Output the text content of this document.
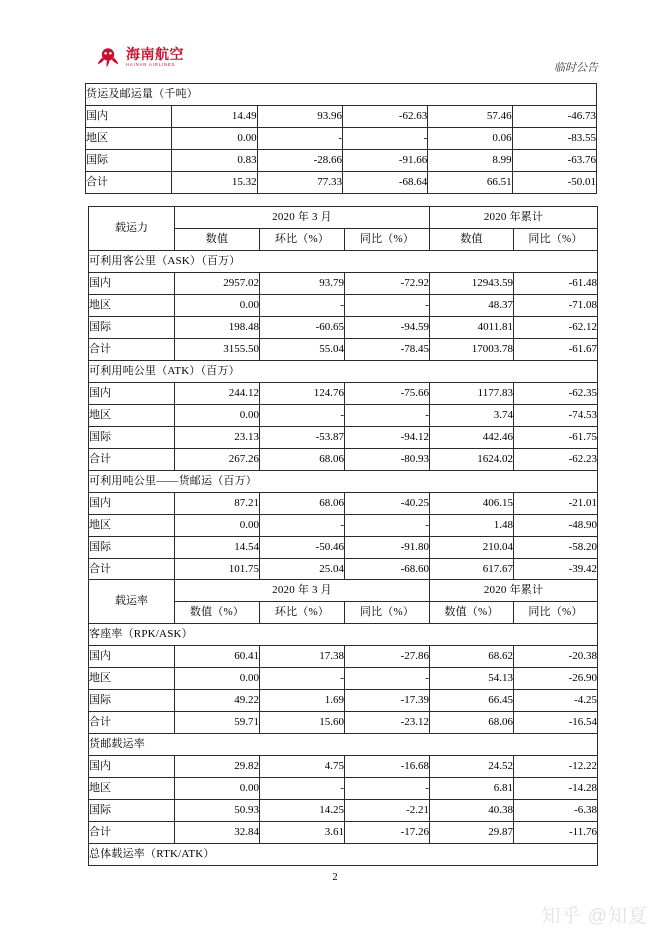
海南航空
HAINAN AIRLINES	临时公告
货运及邮运量（千吨）					
国内	14.49	93.96	-62.63	57.46	-46.73
地区	0.00	-	-	0.06	-83.55
国际	0.83	-28.66	-91.66	8.99	-63.76
合计	15.32	77.33	-68.64	66.51	-50.01
载运力	2020 年 3 月			2020 年累计	
	数值	环比（%）	同比（%）	数值	同比（%）
可利用客公里（ASK）（百万）					
国内	2957.02	93.79	-72.92	12943.59	-61.48
地区	0.00	-	-	48.37	-71.08
国际	198.48	-60.65	-94.59	4011.81	-62.12
合计	3155.50	55.04	-78.45	17003.78	-61.67
可利用吨公里（ATK）（百万）					
国内	244.12	124.76	-75.66	1177.83	-62.35
地区	0.00	-	-	3.74	-74.53
国际	23.13	-53.87	-94.12	442.46	-61.75
合计	267.26	68.06	-80.93	1624.02	-62.23
可利用吨公里——货邮运（百万）					
国内	87.21	68.06	-40.25	406.15	-21.01
地区	0.00	-	-	1.48	-48.90
国际	14.54	-50.46	-91.80	210.04	-58.20
合计	101.75	25.04	-68.60	617.67	-39.42
载运率	2020 年 3 月			2020 年累计	
	数值（%）	环比（%）	同比（%）	数值（%）	同比（%）
客座率（RPK/ASK）					
国内	60.41	17.38	-27.86	68.62	-20.38
地区	0.00	-	-	54.13	-26.90
国际	49.22	1.69	-17.39	66.45	-4.25
合计	59.71	15.60	-23.12	68.06	-16.54
货邮载运率					
国内	29.82	4.75	-16.68	24.52	-12.22
地区	0.00	-	-	6.81	-14.28
国际	50.93	14.25	-2.21	40.38	-6.38
合计	32.84	3.61	-17.26	29.87	-11.76
总体载运率（RTK/ATK）					
2
知乎 @知夏
